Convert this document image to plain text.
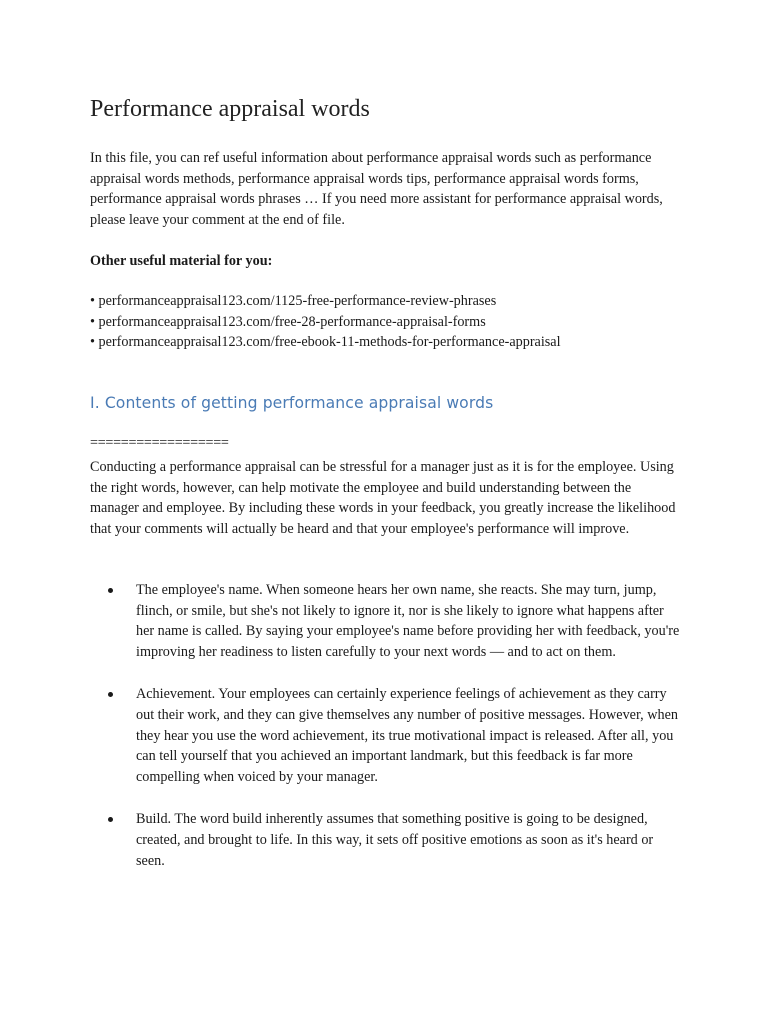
Performance appraisal words

In this file, you can ref useful information about performance appraisal words such as performance appraisal words methods, performance appraisal words tips, performance appraisal words forms, performance appraisal words phrases … If you need more assistant for performance appraisal words, please leave your comment at the end of file.

Other useful material for you:

• performanceappraisal123.com/1125-free-performance-review-phrases
• performanceappraisal123.com/free-28-performance-appraisal-forms
• performanceappraisal123.com/free-ebook-11-methods-for-performance-appraisal
I. Contents of getting performance appraisal words

==================

Conducting a performance appraisal can be stressful for a manager just as it is for the employee. Using the right words, however, can help motivate the employee and build understanding between the manager and employee. By including these words in your feedback, you greatly increase the likelihood that your comments will actually be heard and that your employee's performance will improve.

The employee's name. When someone hears her own name, she reacts. She may turn, jump, flinch, or smile, but she's not likely to ignore it, nor is she likely to ignore what happens after her name is called. By saying your employee's name before providing her with feedback, you're improving her readiness to listen carefully to your next words — and to act on them.
Achievement. Your employees can certainly experience feelings of achievement as they carry out their work, and they can give themselves any number of positive messages. However, when they hear you use the word achievement, its true motivational impact is released. After all, you can tell yourself that you achieved an important landmark, but this feedback is far more compelling when voiced by your manager.
Build. The word build inherently assumes that something positive is going to be designed, created, and brought to life. In this way, it sets off positive emotions as soon as it's heard or seen.
